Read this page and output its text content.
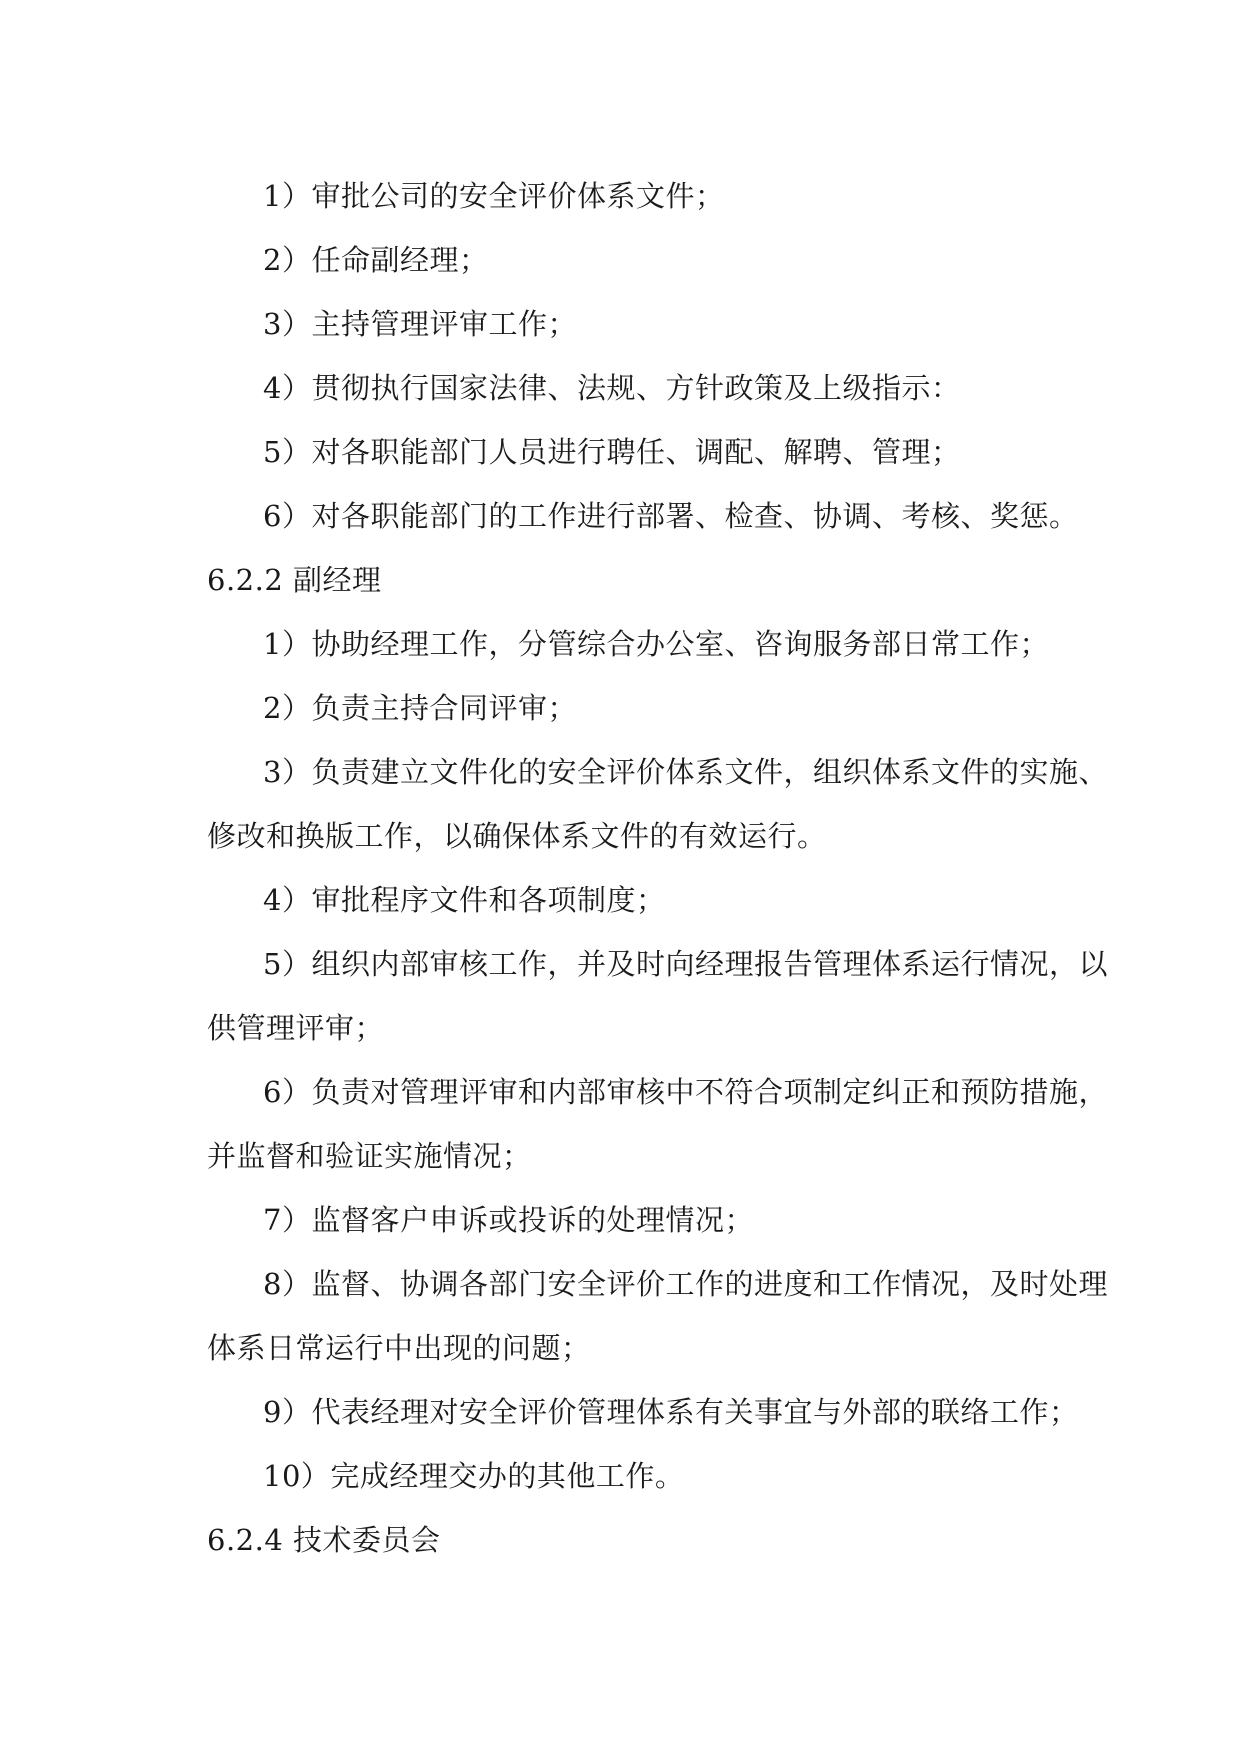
1）审批公司的安全评价体系文件；
2）任命副经理；
3）主持管理评审工作；
4）贯彻执行国家法律、法规、方针政策及上级指示：
5）对各职能部门人员进行聘任、调配、解聘、管理；
6）对各职能部门的工作进行部署、检查、协调、考核、奖惩。
6.2.2 副经理
1）协助经理工作，分管综合办公室、咨询服务部日常工作；
2）负责主持合同评审；
3）负责建立文件化的安全评价体系文件，组织体系文件的实施、
修改和换版工作，以确保体系文件的有效运行。
4）审批程序文件和各项制度；
5）组织内部审核工作，并及时向经理报告管理体系运行情况，以
供管理评审；
6）负责对管理评审和内部审核中不符合项制定纠正和预防措施，
并监督和验证实施情况；
7）监督客户申诉或投诉的处理情况；
8）监督、协调各部门安全评价工作的进度和工作情况，及时处理
体系日常运行中出现的问题；
9）代表经理对安全评价管理体系有关事宜与外部的联络工作；
10）完成经理交办的其他工作。
6.2.4 技术委员会
